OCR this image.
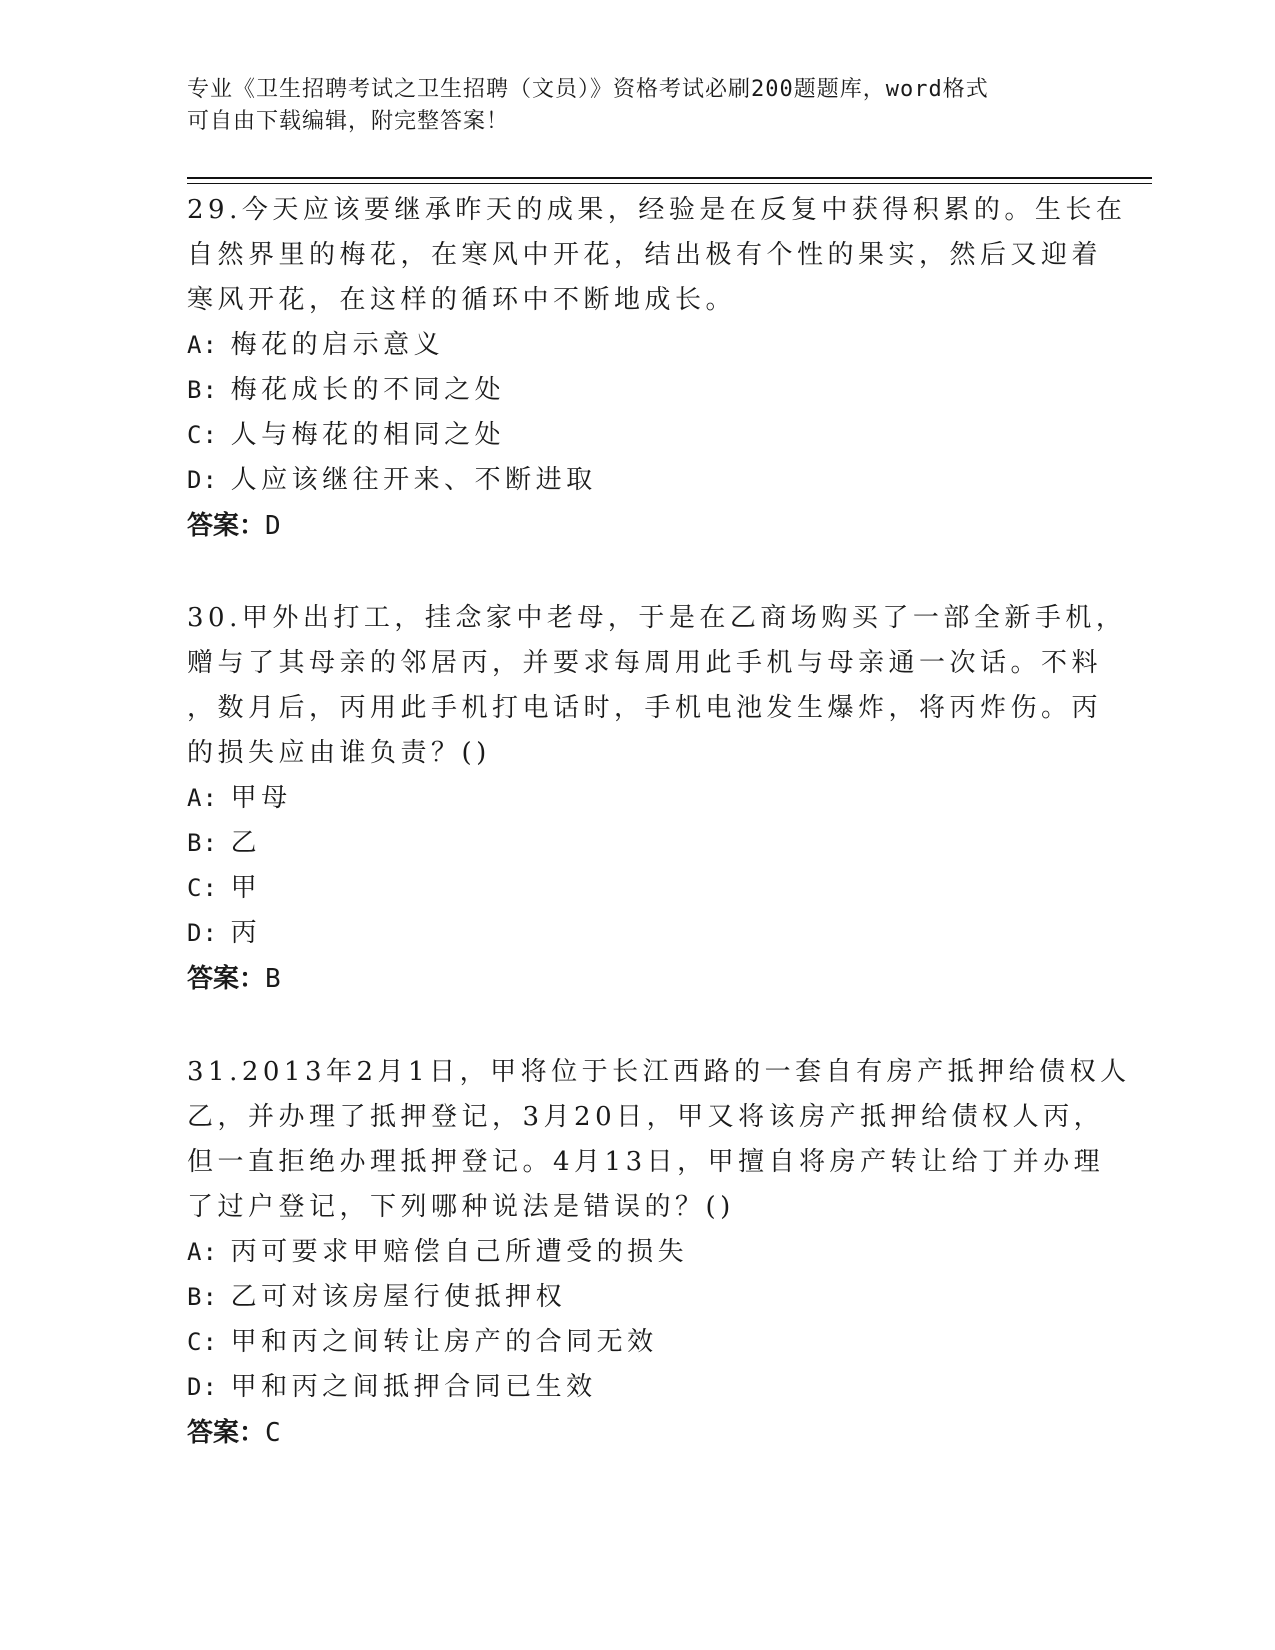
专业《卫生招聘考试之卫生招聘（文员）》资格考试必刷200题题库，word格式
可自由下载编辑，附完整答案！
29.今天应该要继承昨天的成果，经验是在反复中获得积累的。生长在
自然界里的梅花，在寒风中开花，结出极有个性的果实，然后又迎着
寒风开花，在这样的循环中不断地成长。
A: 梅花的启示意义
B: 梅花成长的不同之处
C: 人与梅花的相同之处
D: 人应该继往开来、不断进取
答案：D
30.甲外出打工，挂念家中老母，于是在乙商场购买了一部全新手机，
赠与了其母亲的邻居丙，并要求每周用此手机与母亲通一次话。不料
，数月后，丙用此手机打电话时，手机电池发生爆炸，将丙炸伤。丙
的损失应由谁负责？()
A: 甲母
B: 乙
C: 甲
D: 丙
答案：B
31.2013年2月1日，甲将位于长江西路的一套自有房产抵押给债权人
乙，并办理了抵押登记，3月20日，甲又将该房产抵押给债权人丙，
但一直拒绝办理抵押登记。4月13日，甲擅自将房产转让给丁并办理
了过户登记，下列哪种说法是错误的？()
A: 丙可要求甲赔偿自己所遭受的损失
B: 乙可对该房屋行使抵押权
C: 甲和丙之间转让房产的合同无效
D: 甲和丙之间抵押合同已生效
答案：C
